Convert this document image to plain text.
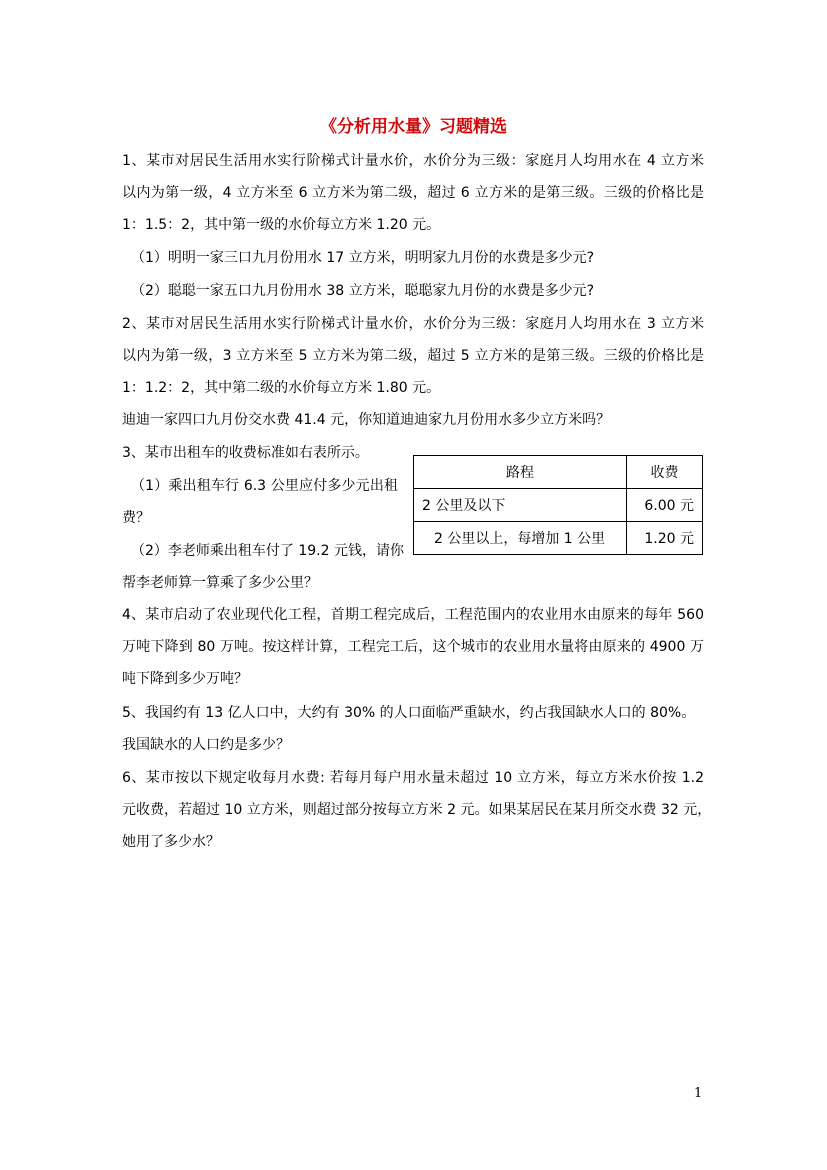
《分析用水量》习题精选
1、某市对居民生活用水实行阶梯式计量水价，水价分为三级：家庭月人均用水在 4 立方米
以内为第一级，4 立方米至 6 立方米为第二级，超过 6 立方米的是第三级。三级的价格比是
1：1.5：2，其中第一级的水价每立方米 1.20 元。
（1）明明一家三口九月份用水 17 立方米，明明家九月份的水费是多少元?
（2）聪聪一家五口九月份用水 38 立方米，聪聪家九月份的水费是多少元?
2、某市对居民生活用水实行阶梯式计量水价，水价分为三级：家庭月人均用水在 3 立方米
以内为第一级，3 立方米至 5 立方米为第二级，超过 5 立方米的是第三级。三级的价格比是
1：1.2：2，其中第二级的水价每立方米 1.80 元。
迪迪一家四口九月份交水费 41.4 元，你知道迪迪家九月份用水多少立方米吗？
3、某市出租车的收费标准如右表所示。
（1）乘出租车行 6.3 公里应付多少元出租
费？
（2）李老师乘出租车付了 19.2 元钱，请你
帮李老师算一算乘了多少公里？
路程	收费
2 公里及以下	6.00 元
2 公里以上，每增加 1 公里	1.20 元
4、某市启动了农业现代化工程，首期工程完成后，工程范围内的农业用水由原来的每年 560
万吨下降到 80 万吨。按这样计算，工程完工后，这个城市的农业用水量将由原来的 4900 万
吨下降到多少万吨？
5、我国约有 13 亿人口中，大约有 30% 的人口面临严重缺水，约占我国缺水人口的 80%。
我国缺水的人口约是多少？
6、某市按以下规定收每月水费: 若每月每户用水量未超过 10 立方米，每立方米水价按 1.2
元收费，若超过 10 立方米，则超过部分按每立方米 2 元。如果某居民在某月所交水费 32 元，
她用了多少水？
1
